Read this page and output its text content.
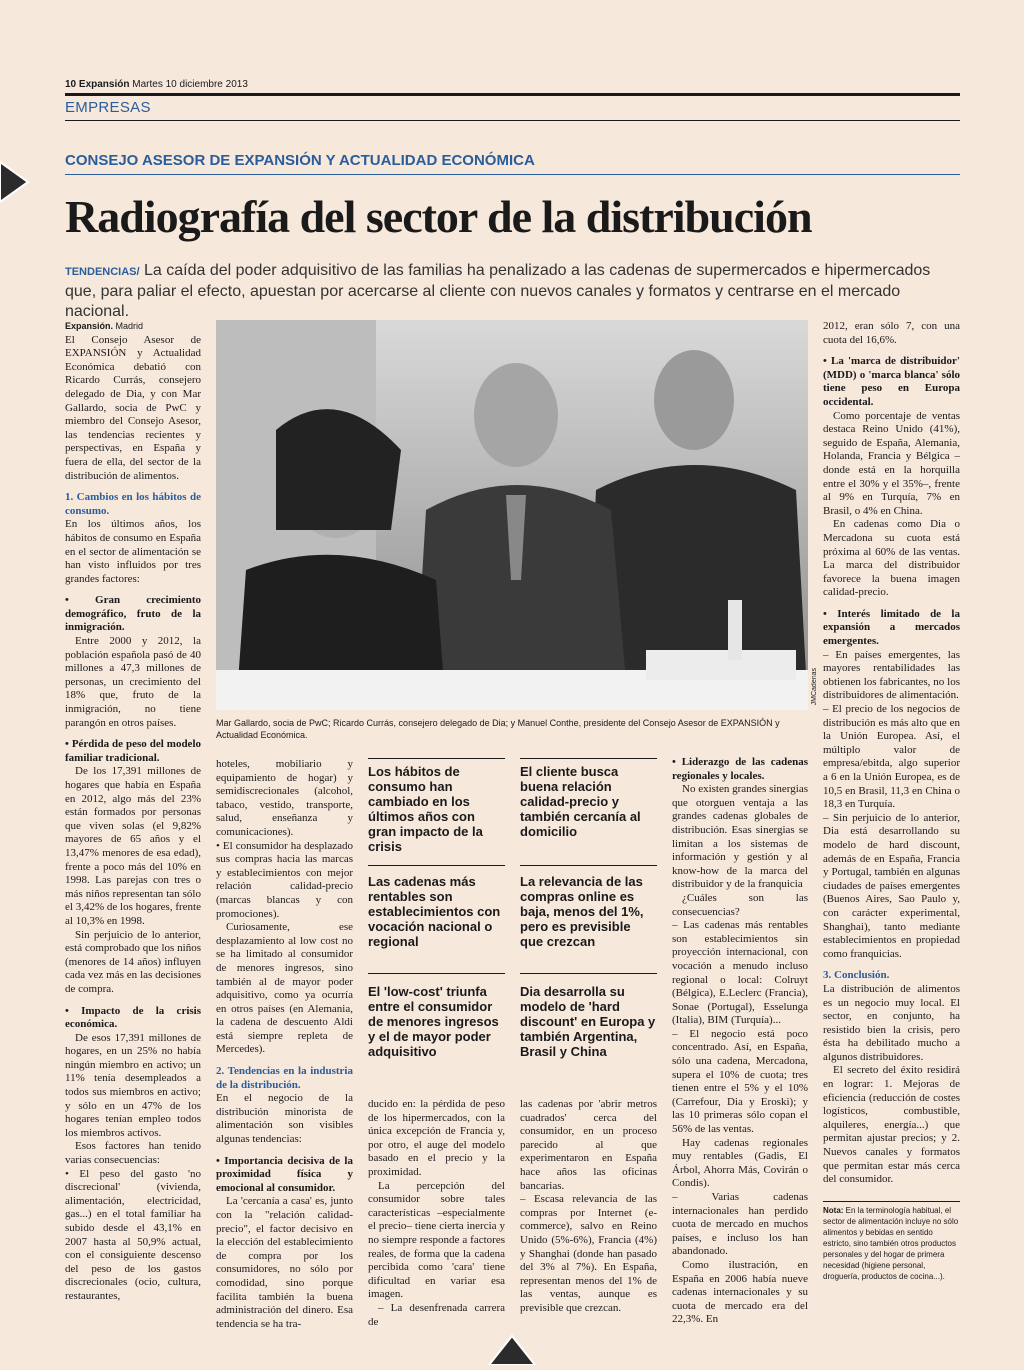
10 Expansión Martes 10 diciembre 2013
EMPRESAS
CONSEJO ASESOR DE EXPANSIÓN Y ACTUALIDAD ECONÓMICA
Radiografía del sector de la distribución
TENDENCIAS/ La caída del poder adquisitivo de las familias ha penalizado a las cadenas de supermercados e hipermercados que, para paliar el efecto, apuestan por acercarse al cliente con nuevos canales y formatos y centrarse en el mercado nacional.

Expansión. Madrid

El Consejo Asesor de EXPANSIÓN y Actualidad Económica debatió con Ricardo Currás, consejero delegado de Dia, y con Mar Gallardo, socia de PwC y miembro del Consejo Asesor, las tendencias recientes y perspectivas, en España y fuera de ella, del sector de la distribución de alimentos.

1. Cambios en los hábitos de consumo.

En los últimos años, los hábitos de consumo en España en el sector de alimentación se han visto influidos por tres grandes factores:

• Gran crecimiento demográfico, fruto de la inmigración.

Entre 2000 y 2012, la población española pasó de 40 millones a 47,3 millones de personas, un crecimiento del 18% que, fruto de la inmigración, no tiene parangón en otros países.

• Pérdida de peso del modelo familiar tradicional.

De los 17,391 millones de hogares que había en España en 2012, algo más del 23% están formados por personas que viven solas (el 9,82% mayores de 65 años y el 13,47% menores de esa edad), frente a poco más del 10% en 1998. Las parejas con tres o más niños representan tan sólo el 3,42% de los hogares, frente al 10,3% en 1998.

Sin perjuicio de lo anterior, está comprobado que los niños (menores de 14 años) influyen cada vez más en las decisiones de compra.

• Impacto de la crisis económica.

De esos 17,391 millones de hogares, en un 25% no había ningún miembro en activo; un 11% tenía desempleados a todos sus miembros en activo; y sólo en un 47% de los hogares tenían empleo todos los miembros activos.

Esos factores han tenido varias consecuencias:

• El peso del gasto 'no discrecional' (vivienda, alimentación, electricidad, gas...) en el total familiar ha subido desde el 43,1% en 2007 hasta al 50,9% actual, con el consiguiente descenso del peso de los gastos discrecionales (ocio, cultura, restaurantes,

JMCadenas
Mar Gallardo, socia de PwC; Ricardo Currás, consejero delegado de Dia; y Manuel Conthe, presidente del Consejo Asesor de EXPANSIÓN y Actualidad Económica.

hoteles, mobiliario y equipamiento de hogar) y semidiscrecionales (alcohol, tabaco, vestido, transporte, salud, enseñanza y comunicaciones).

• El consumidor ha desplazado sus compras hacia las marcas y establecimientos con mejor relación calidad-precio (marcas blancas y con promociones).

Curiosamente, ese desplazamiento al low cost no se ha limitado al consumidor de menores ingresos, sino también al de mayor poder adquisitivo, como ya ocurría en otros países (en Alemania, la cadena de descuento Aldi está siempre repleta de Mercedes).

2. Tendencias en la industria de la distribución.

En el negocio de la distribución minorista de alimentación son visibles algunas tendencias:

• Importancia decisiva de la proximidad física y emocional al consumidor.

La 'cercanía a casa' es, junto con la "relación calidad-precio", el factor decisivo en la elección del establecimiento de compra por los consumidores, no sólo por comodidad, sino porque facilita también la buena administración del dinero. Esa tendencia se ha tra-

Los hábitos de consumo han cambiado en los últimos años con gran impacto de la crisis
El cliente busca buena relación calidad-precio y también cercanía al domicilio
Las cadenas más rentables son establecimientos con vocación nacional o regional
La relevancia de las compras online es baja, menos del 1%, pero es previsible que crezcan
El 'low-cost' triunfa entre el consumidor de menores ingresos y el de mayor poder adquisitivo
Dia desarrolla su modelo de 'hard discount' en Europa y también Argentina, Brasil y China

ducido en: la pérdida de peso de los hipermercados, con la única excepción de Francia y, por otro, el auge del modelo basado en el precio y la proximidad.

La percepción del consumidor sobre tales características –especialmente el precio– tiene cierta inercia y no siempre responde a factores reales, de forma que la cadena percibida como 'cara' tiene dificultad en variar esa imagen.

– La desenfrenada carrera de

las cadenas por 'abrir metros cuadrados' cerca del consumidor, en un proceso parecido al que experimentaron en España hace años las oficinas bancarias.

– Escasa relevancia de las compras por Internet (e-commerce), salvo en Reino Unido (5%-6%), Francia (4%) y Shanghai (donde han pasado del 3% al 7%). En España, representan menos del 1% de las ventas, aunque es previsible que crezcan.

• Liderazgo de las cadenas regionales y locales.

No existen grandes sinergias que otorguen ventaja a las grandes cadenas globales de distribución. Esas sinergias se limitan a los sistemas de información y gestión y al know-how de la marca del distribuidor y de la franquicia

¿Cuáles son las consecuencias?

– Las cadenas más rentables son establecimientos sin proyección internacional, con vocación a menudo incluso regional o local: Colruyt (Bélgica), E.Leclerc (Francia), Sonae (Portugal), Esselunga (Italia), BIM (Turquía)...

– El negocio está poco concentrado. Así, en España, sólo una cadena, Mercadona, supera el 10% de cuota; tres tienen entre el 5% y el 10% (Carrefour, Dia y Eroski); y las 10 primeras sólo copan el 56% de las ventas.

Hay cadenas regionales muy rentables (Gadis, El Árbol, Ahorra Más, Covirán o Condis).

– Varias cadenas internacionales han perdido cuota de mercado en muchos países, e incluso los han abandonado.

Como ilustración, en España en 2006 había nueve cadenas internacionales y su cuota de mercado era del 22,3%. En

2012, eran sólo 7, con una cuota del 16,6%.

• La 'marca de distribuidor' (MDD) o 'marca blanca' sólo tiene peso en Europa occidental.

Como porcentaje de ventas destaca Reino Unido (41%), seguido de España, Alemania, Holanda, Francia y Bélgica –donde está en la horquilla entre el 30% y el 35%–, frente al 9% en Turquía, 7% en Brasil, o 4% en China.

En cadenas como Dia o Mercadona su cuota está próxima al 60% de las ventas. La marca del distribuidor favorece la buena imagen calidad-precio.

• Interés limitado de la expansión a mercados emergentes.

– En países emergentes, las mayores rentabilidades las obtienen los fabricantes, no los distribuidores de alimentación.

– El precio de los negocios de distribución es más alto que en la Unión Europea. Así, el múltiplo valor de empresa/ebitda, algo superior a 6 en la Unión Europea, es de 10,5 en Brasil, 11,3 en China o 18,3 en Turquía.

– Sin perjuicio de lo anterior, Dia está desarrollando su modelo de hard discount, además de en España, Francia y Portugal, también en algunas ciudades de países emergentes (Buenos Aires, Sao Paulo y, con carácter experimental, Shanghai), tanto mediante establecimientos en propiedad como franquicias.

3. Conclusión.

La distribución de alimentos es un negocio muy local. El sector, en conjunto, ha resistido bien la crisis, pero ésta ha debilitado mucho a algunos distribuidores.

El secreto del éxito residirá en lograr: 1. Mejoras de eficiencia (reducción de costes logísticos, combustible, alquileres, energía...) que permitan ajustar precios; y 2. Nuevos canales y formatos que permitan estar más cerca del consumidor.

Nota: En la terminología habitual, el sector de alimentación incluye no sólo alimentos y bebidas en sentido estricto, sino también otros productos personales y del hogar de primera necesidad (higiene personal, droguería, productos de cocina...).
